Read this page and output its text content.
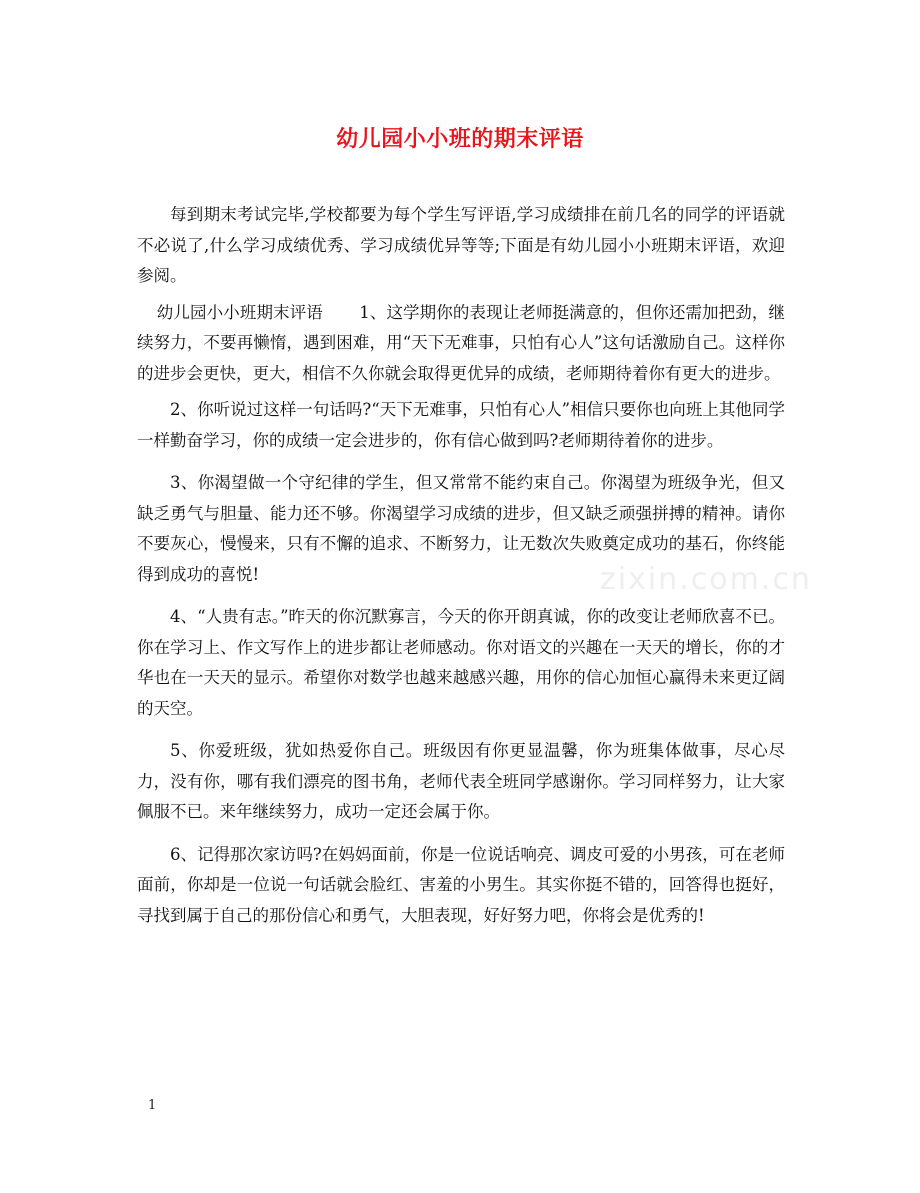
幼儿园小小班的期末评语

每到期末考试完毕,学校都要为每个学生写评语,学习成绩排在前几名的同学的评语就不必说了,什么学习成绩优秀、学习成绩优异等等;下面是有幼儿园小小班期末评语，欢迎参阅。

幼儿园小小班期末评语 1、这学期你的表现让老师挺满意的，但你还需加把劲，继续努力，不要再懒惰，遇到困难，用“天下无难事，只怕有心人”这句话激励自己。这样你的进步会更快，更大，相信不久你就会取得更优异的成绩，老师期待着你有更大的进步。

2、你听说过这样一句话吗?“天下无难事，只怕有心人”相信只要你也向班上其他同学一样勤奋学习，你的成绩一定会进步的，你有信心做到吗?老师期待着你的进步。

3、你渴望做一个守纪律的学生，但又常常不能约束自己。你渴望为班级争光，但又缺乏勇气与胆量、能力还不够。你渴望学习成绩的进步，但又缺乏顽强拼搏的精神。请你不要灰心，慢慢来，只有不懈的追求、不断努力，让无数次失败奠定成功的基石，你终能得到成功的喜悦!

4、“人贵有志。”昨天的你沉默寡言，今天的你开朗真诚，你的改变让老师欣喜不已。你在学习上、作文写作上的进步都让老师感动。你对语文的兴趣在一天天的增长，你的才华也在一天天的显示。希望你对数学也越来越感兴趣，用你的信心加恒心赢得未来更辽阔的天空。

5、你爱班级，犹如热爱你自己。班级因有你更显温馨，你为班集体做事，尽心尽力，没有你，哪有我们漂亮的图书角，老师代表全班同学感谢你。学习同样努力，让大家佩服不已。来年继续努力，成功一定还会属于你。

6、记得那次家访吗?在妈妈面前，你是一位说话响亮、调皮可爱的小男孩，可在老师面前，你却是一位说一句话就会脸红、害羞的小男生。其实你挺不错的，回答得也挺好，寻找到属于自己的那份信心和勇气，大胆表现，好好努力吧，你将会是优秀的!

zixin.com.cn
1
